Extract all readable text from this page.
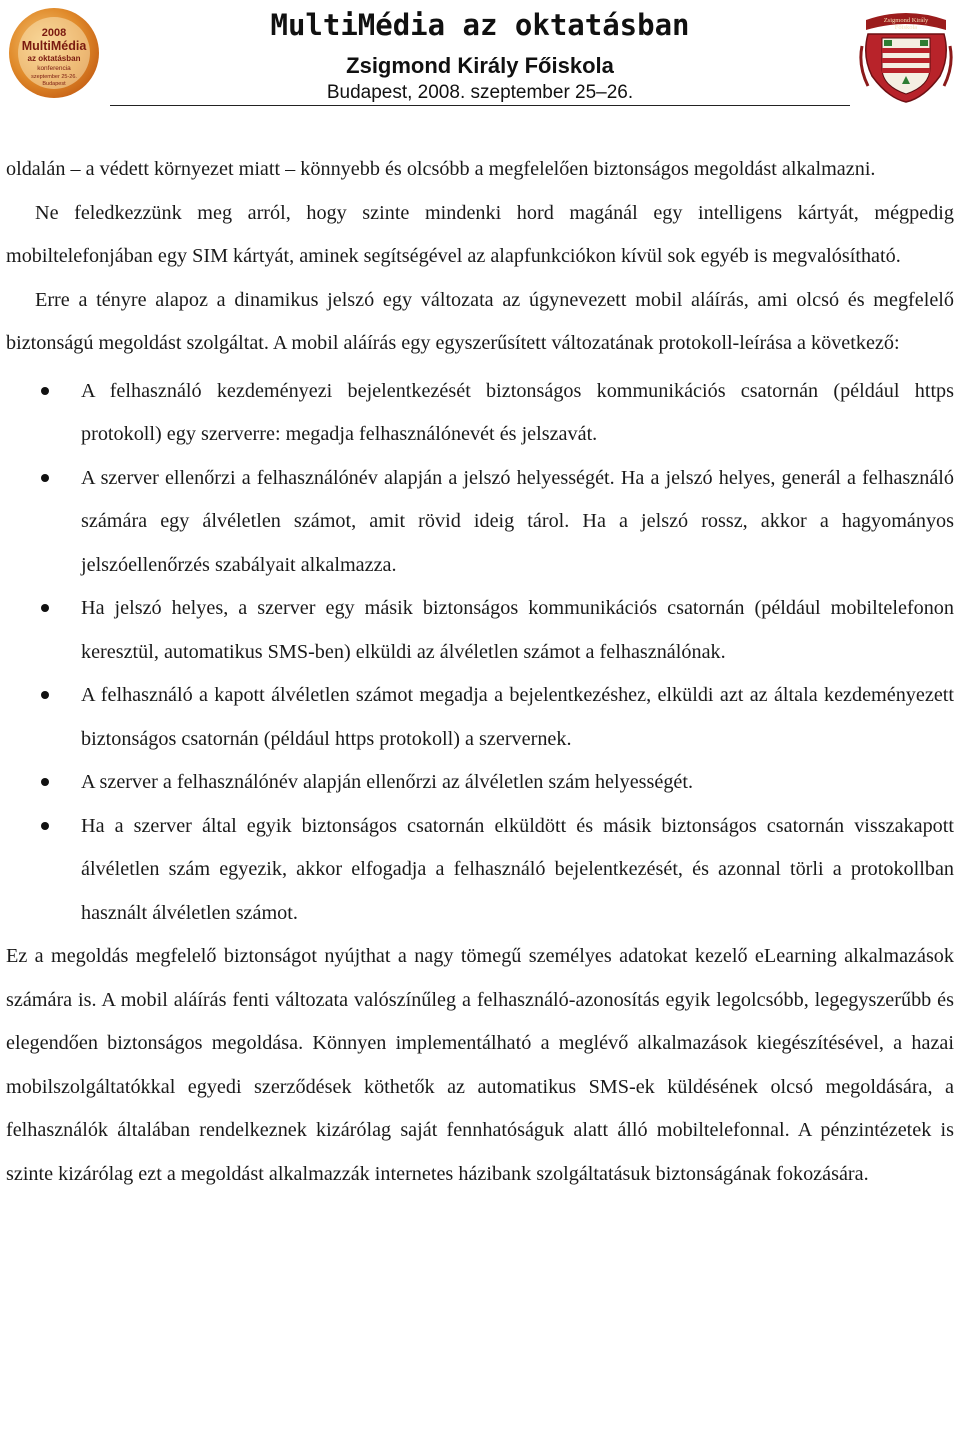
2008
MultiMédia
az oktatásban
konferencia
szeptember 25-26.
Budapest
MultiMédia az oktatásban
Zsigmond Király Főiskola
Budapest, 2008. szeptember 25–26.
Zsigmond Király
Főiskola

oldalán – a védett környezet miatt – könnyebb és olcsóbb a megfelelően biztonságos megoldást alkalmazni.

Ne feledkezzünk meg arról, hogy szinte mindenki hord magánál egy intelligens kártyát, mégpedig mobiltelefonjában egy SIM kártyát, aminek segítségével az alapfunkciókon kívül sok egyéb is megvalósítható.

Erre a tényre alapoz a dinamikus jelszó egy változata az úgynevezett mobil aláírás, ami olcsó és megfelelő biztonságú megoldást szolgáltat. A mobil aláírás egy egyszerűsített változatának protokoll-leírása a következő:

A felhasználó kezdeményezi bejelentkezését biztonságos kommunikációs csatornán (például https protokoll) egy szerverre: megadja felhasználónevét és jelszavát.
A szerver ellenőrzi a felhasználónév alapján a jelszó helyességét. Ha a jelszó helyes, generál a felhasználó számára egy álvéletlen számot, amit rövid ideig tárol. Ha a jelszó rossz, akkor a hagyományos jelszóellenőrzés szabályait alkalmazza.
Ha jelszó helyes, a szerver egy másik biztonságos kommunikációs csatornán (például mobiltelefonon keresztül, automatikus SMS-ben) elküldi az álvéletlen számot a felhasználónak.
A felhasználó a kapott álvéletlen számot megadja a bejelentkezéshez, elküldi azt az általa kezdeményezett biztonságos csatornán (például https protokoll) a szervernek.
A szerver a felhasználónév alapján ellenőrzi az álvéletlen szám helyességét.
Ha a szerver által egyik biztonságos csatornán elküldött és másik biztonságos csatornán visszakapott álvéletlen szám egyezik, akkor elfogadja a felhasználó bejelentkezését, és azonnal törli a protokollban használt álvéletlen számot.

Ez a megoldás megfelelő biztonságot nyújthat a nagy tömegű személyes adatokat kezelő eLearning alkalmazások számára is. A mobil aláírás fenti változata valószínűleg a felhasználó-azonosítás egyik legolcsóbb, legegyszerűbb és elegendően biztonságos megoldása. Könnyen implementálható a meglévő alkalmazások kiegészítésével, a hazai mobilszolgáltatókkal egyedi szerződések köthetők az automatikus SMS-ek küldésének olcsó megoldására, a felhasználók általában rendelkeznek kizárólag saját fennhatóságuk alatt álló mobiltelefonnal. A pénzintézetek is szinte kizárólag ezt a megoldást alkalmazzák internetes házibank szolgáltatásuk biztonságának fokozására.
